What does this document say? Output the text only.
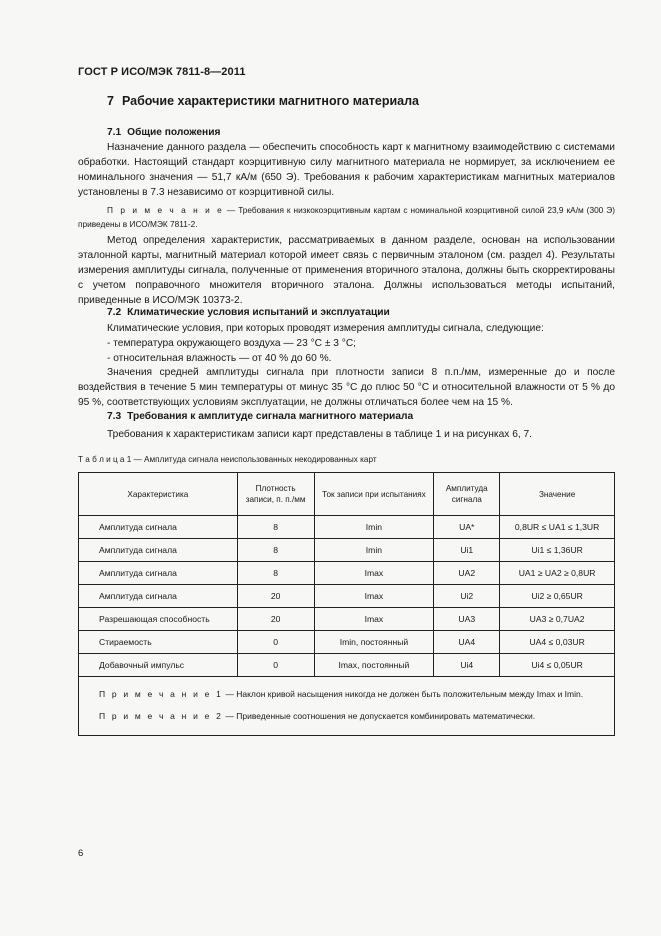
ГОСТ Р ИСО/МЭК 7811-8—2011
7 Рабочие характеристики магнитного материала
7.1 Общие положения

Назначение данного раздела — обеспечить способность карт к магнитному взаимодействию с системами обработки. Настоящий стандарт коэрцитивную силу магнитного материала не нормирует, за исключением ее номинального значения — 51,7 кА/м (650 Э). Требования к рабочим характеристикам магнитных материалов установлены в 7.3 независимо от коэрцитивной силы.

П р и м е ч а н и е — Требования к низкокоэрцитивным картам с номинальной коэрцитивной силой 23,9 кА/м (300 Э) приведены в ИСО/МЭК 7811-2.

Метод определения характеристик, рассматриваемых в данном разделе, основан на использовании эталонной карты, магнитный материал которой имеет связь с первичным эталоном (см. раздел 4). Результаты измерения амплитуды сигнала, полученные от применения вторичного эталона, должны быть скорректированы с учетом поправочного множителя вторичного эталона. Должны использоваться методы испытаний, приведенные в ИСО/МЭК 10373-2.

7.2 Климатические условия испытаний и эксплуатации
Климатические условия, при которых проводят измерения амплитуды сигнала, следующие:
- температура окружающего воздуха — 23 °C ± 3 °C;
- относительная влажность — от 40 % до 60 %.

Значения средней амплитуды сигнала при плотности записи 8 п.п./мм, измеренные до и после воздействия в течение 5 мин температуры от минус 35 °C до плюс 50 °C и относительной влажности от 5 % до 95 %, соответствующих условиям эксплуатации, не должны отличаться более чем на 15 %.

7.3 Требования к амплитуде сигнала магнитного материала

Требования к характеристикам записи карт представлены в таблице 1 и на рисунках 6, 7.

Т а б л и ц а 1 — Амплитуда сигнала неиспользованных некодированных карт
Характеристика	Плотность записи, п. п./мм	Ток записи при испытаниях	Амплитуда сигнала	Значение
Амплитуда сигнала	8	Imin	UA*	0,8UR ≤ UA1 ≤ 1,3UR
Амплитуда сигнала	8	Imin	Ui1	Ui1 ≤ 1,36UR
Амплитуда сигнала	8	Imax	UA2	UA1 ≥ UA2 ≥ 0,8UR
Амплитуда сигнала	20	Imax	Ui2	Ui2 ≥ 0,65UR
Разрешающая способность	20	Imax	UA3	UA3 ≥ 0,7UA2
Стираемость	0	Imin, постоянный	UA4	UA4 ≤ 0,03UR
Добавочный импульс	0	Imax, постоянный	Ui4	Ui4 ≤ 0,05UR

П р и м е ч а н и е 1 — Наклон кривой насыщения никогда не должен быть положительным между Imax и Imin.
П р и м е ч а н и е 2 — Приведенные соотношения не допускается комбинировать математически.				
6
